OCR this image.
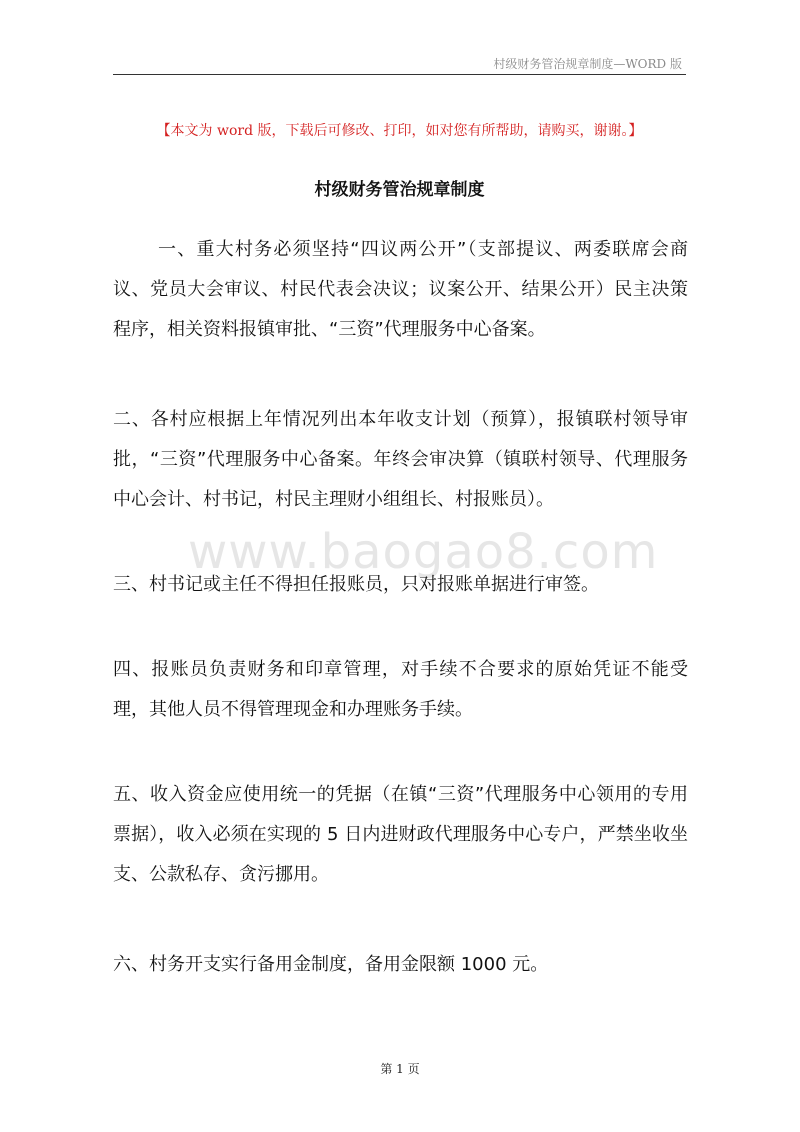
村级财务管治规章制度—WORD 版
【本文为 word 版，下载后可修改、打印，如对您有所帮助，请购买，谢谢。】
村级财务管治规章制度

一、重大村务必须坚持“四议两公开”（支部提议、两委联席会商议、党员大会审议、村民代表会决议；议案公开、结果公开）民主决策程序，相关资料报镇审批、“三资”代理服务中心备案。

二、各村应根据上年情况列出本年收支计划（预算），报镇联村领导审批，“三资”代理服务中心备案。年终会审决算（镇联村领导、代理服务中心会计、村书记，村民主理财小组组长、村报账员）。

www.baogao8.com

三、村书记或主任不得担任报账员，只对报账单据进行审签。

四、报账员负责财务和印章管理，对手续不合要求的原始凭证不能受理，其他人员不得管理现金和办理账务手续。

五、收入资金应使用统一的凭据（在镇“三资”代理服务中心领用的专用票据），收入必须在实现的 5 日内进财政代理服务中心专户，严禁坐收坐支、公款私存、贪污挪用。

六、村务开支实行备用金制度，备用金限额 1000 元。

第 1 页
